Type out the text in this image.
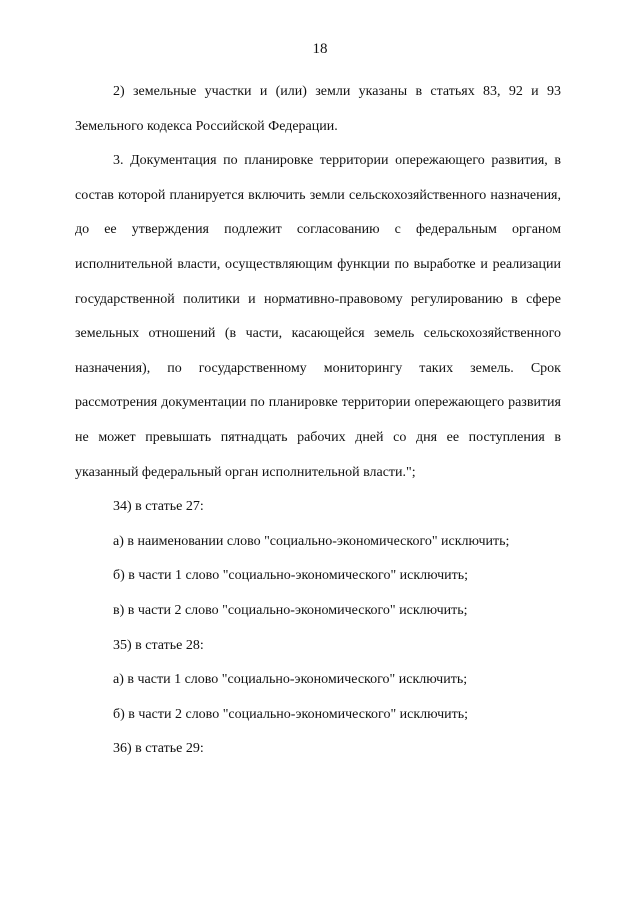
18

2) земельные участки и (или) земли указаны в статьях 83, 92 и 93 Земельного кодекса Российской Федерации.

3. Документация по планировке территории опережающего развития, в состав которой планируется включить земли сельскохозяйственного назначения, до ее утверждения подлежит согласованию с федеральным органом исполнительной власти, осуществляющим функции по выработке и реализации государственной политики и нормативно-правовому регулированию в сфере земельных отношений (в части, касающейся земель сельскохозяйственного назначения), по государственному мониторингу таких земель. Срок рассмотрения документации по планировке территории опережающего развития не может превышать пятнадцать рабочих дней со дня ее поступления в указанный федеральный орган исполнительной власти.";

34) в статье 27:

а) в наименовании слово "социально-экономического" исключить;

б) в части 1 слово "социально-экономического" исключить;

в) в части 2 слово "социально-экономического" исключить;

35) в статье 28:

а) в части 1 слово "социально-экономического" исключить;

б) в части 2 слово "социально-экономического" исключить;

36) в статье 29:
